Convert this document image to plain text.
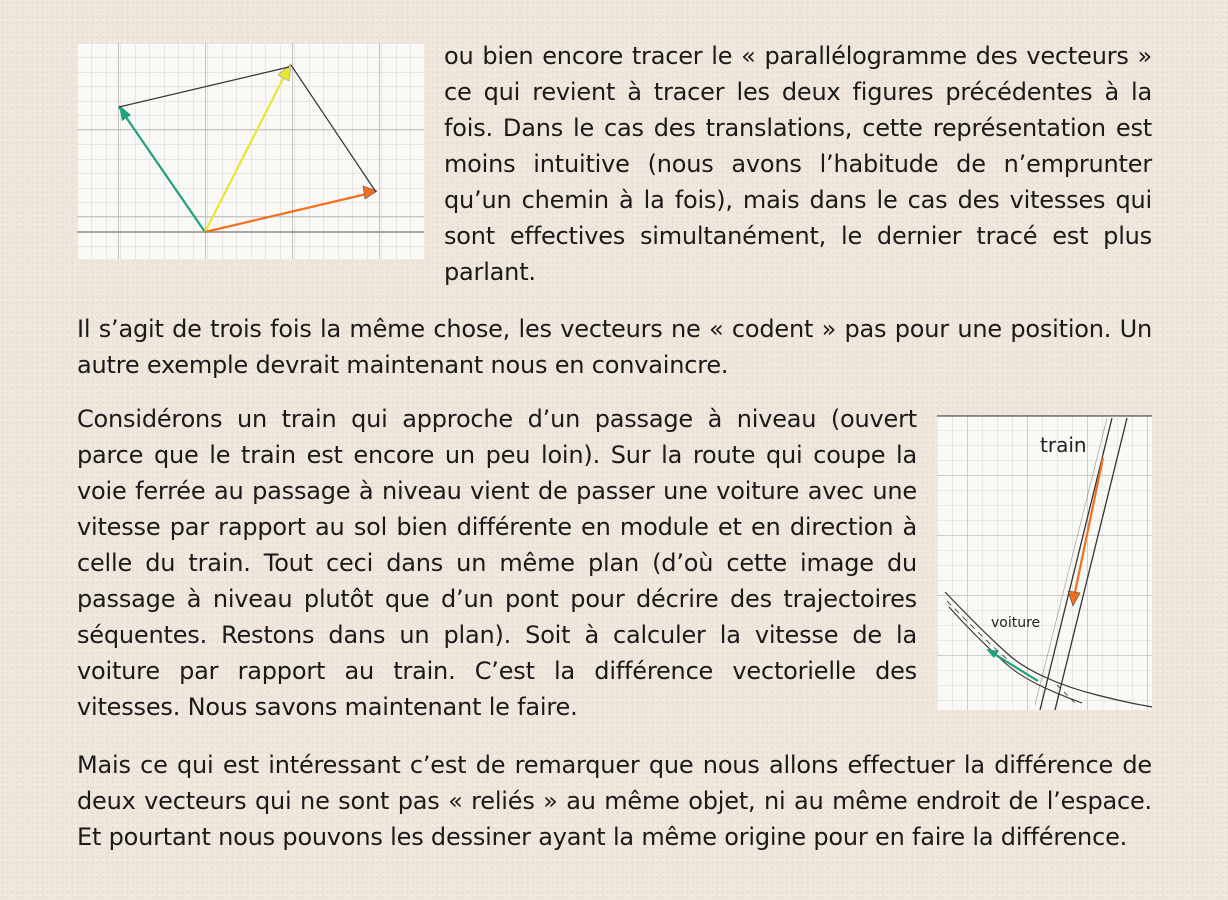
ou bien encore tracer le « parallélogramme des vecteurs » ce qui revient à tracer les deux figures précédentes à la fois. Dans le cas des translations, cette représentation est moins intuitive (nous avons l’habitude de n’emprunter qu’un chemin à la fois), mais dans le cas des vitesses qui sont effectives simultanément, le dernier tracé est plus parlant.

Il s’agit de trois fois la même chose, les vecteurs ne « codent » pas pour une position. Un autre exemple devrait maintenant nous en convaincre.

Considérons un train qui approche d’un passage à niveau (ouvert parce que le train est encore un peu loin). Sur la route qui coupe la voie ferrée au passage à niveau vient de passer une voiture avec une vitesse par rapport au sol bien différente en module et en direction à celle du train. Tout ceci dans un même plan (d’où cette image du passage à niveau plutôt que d’un pont pour décrire des trajectoires séquentes. Restons dans un plan). Soit à calculer la vitesse de la voiture par rapport au train. C’est la différence vectorielle des vitesses. Nous savons maintenant le faire.

train
voiture

Mais ce qui est intéressant c’est de remarquer que nous allons effectuer la différence de deux vecteurs qui ne sont pas « reliés » au même objet, ni au même endroit de l’espace. Et pourtant nous pouvons les dessiner ayant la même origine pour en faire la différence.
